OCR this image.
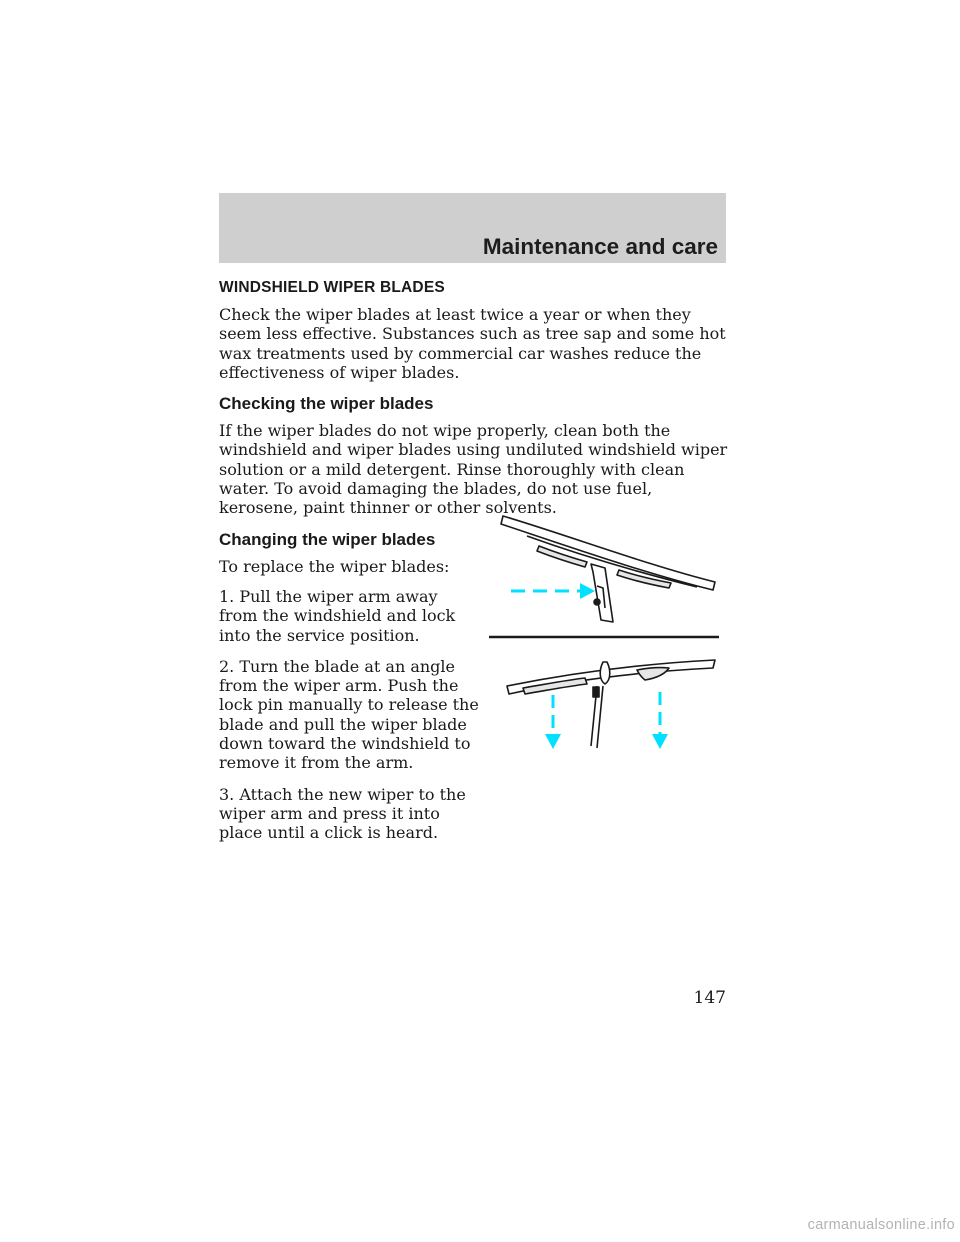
Maintenance and care
WINDSHIELD WIPER BLADES

Check the wiper blades at least twice a year or when they seem less effective. Substances such as tree sap and some hot wax treatments used by commercial car washes reduce the effectiveness of wiper blades.

Checking the wiper blades

If the wiper blades do not wipe properly, clean both the windshield and wiper blades using undiluted windshield wiper solution or a mild detergent. Rinse thoroughly with clean water. To avoid damaging the blades, do not use fuel, kerosene, paint thinner or other solvents.

Changing the wiper blades

To replace the wiper blades:

1. Pull the wiper arm away from the windshield and lock into the service position.

2. Turn the blade at an angle from the wiper arm. Push the lock pin manually to release the blade and pull the wiper blade down toward the windshield to remove it from the arm.

3. Attach the new wiper to the wiper arm and press it into place until a click is heard.

147
carmanualsonline.info
